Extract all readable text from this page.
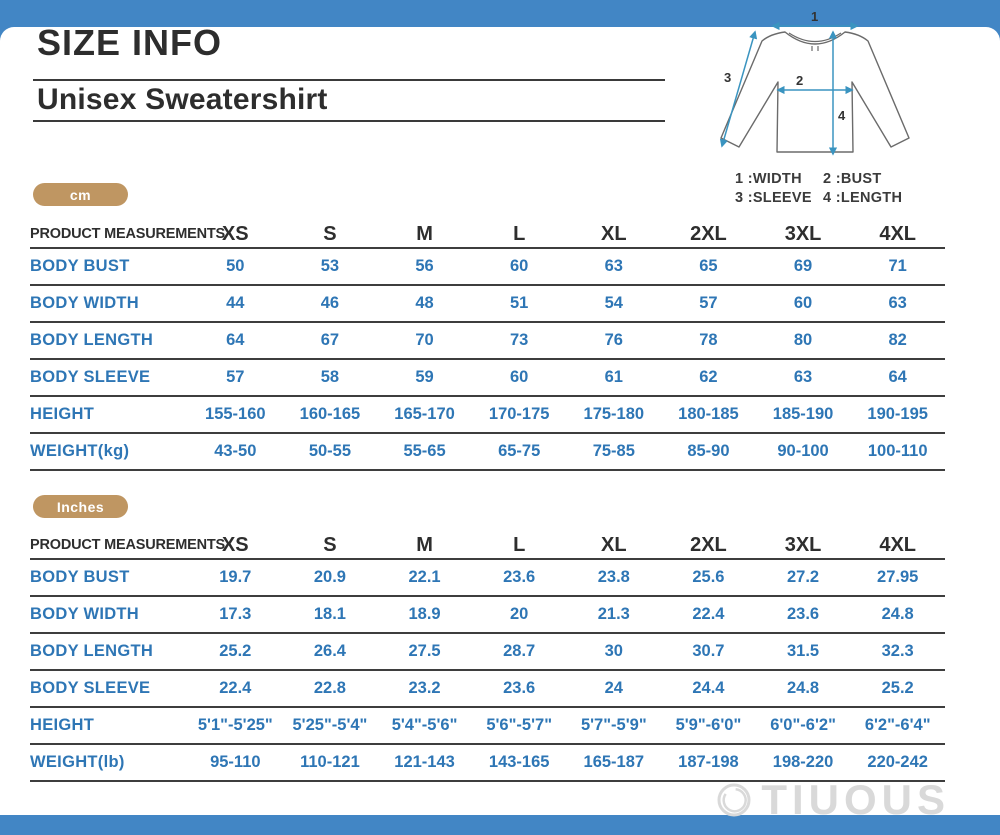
SIZE INFO
Unisex Sweatershirt
1
2
3
4
1 :WIDTH	2 :BUST
3 :SLEEVE 4 :LENGTH
cm
PRODUCT MEASUREMENTS
XS	S	M	L	XL	2XL	3XL	4XL
BODY BUST	50	53	56	60	63	65	69	71
BODY WIDTH	44	46	48	51	54	57	60	63
BODY LENGTH	64	67	70	73	76	78	80	82
BODY SLEEVE	57	58	59	60	61	62	63	64
HEIGHT	155-160	160-165	165-170	170-175	175-180	180-185	185-190	190-195
WEIGHT(kg)	43-50	50-55	55-65	65-75	75-85	85-90	90-100	100-110
Inches
PRODUCT MEASUREMENTS
XS	S	M	L	XL	2XL	3XL	4XL
BODY BUST	19.7	20.9	22.1	23.6	23.8	25.6	27.2	27.95
BODY WIDTH	17.3	18.1	18.9	20	21.3	22.4	23.6	24.8
BODY LENGTH	25.2	26.4	27.5	28.7	30	30.7	31.5	32.3
BODY SLEEVE	22.4	22.8	23.2	23.6	24	24.4	24.8	25.2
HEIGHT	5'1"-5'25"	5'25"-5'4"	5'4"-5'6"	5'6"-5'7"	5'7"-5'9"	5'9"-6'0"	6'0"-6'2"	6'2"-6'4"
WEIGHT(lb)	95-110	110-121	121-143	143-165	165-187	187-198	198-220	220-242
TIUOUS
